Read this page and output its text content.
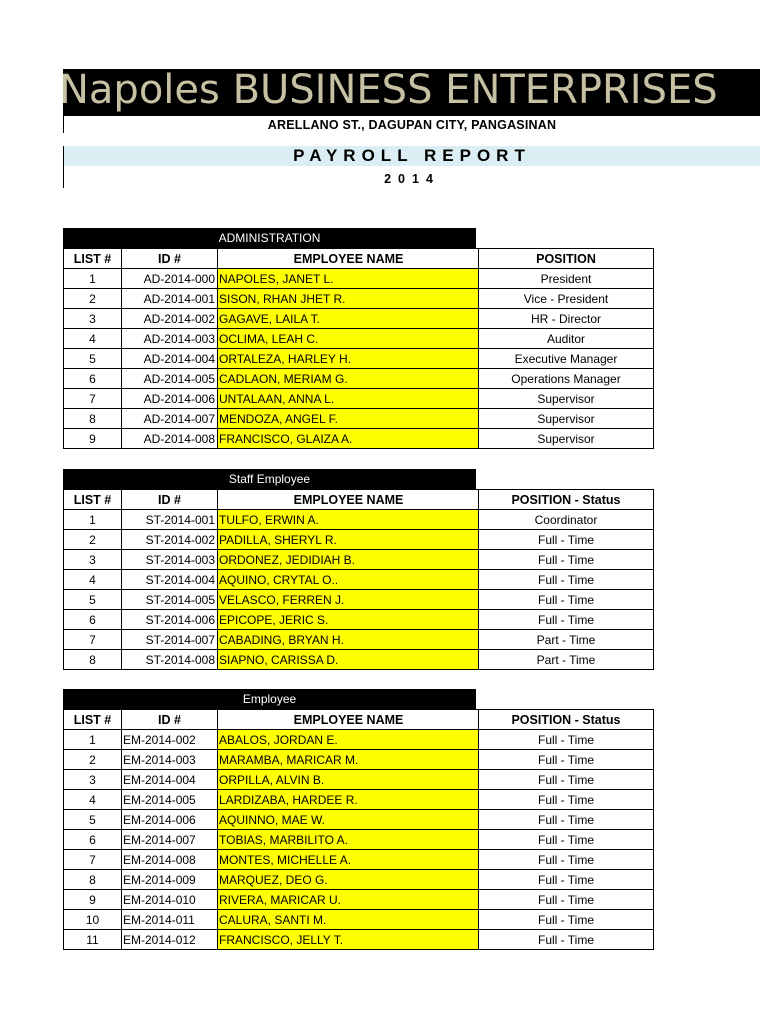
Napoles BUSINESS ENTERPRISES
ARELLANO ST., DAGUPAN CITY, PANGASINAN
PAYROLL REPORT
2014
ADMINISTRATION
LIST #	ID #	EMPLOYEE NAME	POSITION
1	AD-2014-000	NAPOLES, JANET L.	President
2	AD-2014-001	SISON, RHAN JHET R.	Vice - President
3	AD-2014-002	GAGAVE, LAILA T.	HR - Director
4	AD-2014-003	OCLIMA, LEAH C.	Auditor
5	AD-2014-004	ORTALEZA, HARLEY H.	Executive Manager
6	AD-2014-005	CADLAON, MERIAM G.	Operations Manager
7	AD-2014-006	UNTALAAN, ANNA L.	Supervisor
8	AD-2014-007	MENDOZA, ANGEL F.	Supervisor
9	AD-2014-008	FRANCISCO, GLAIZA A.	Supervisor
Staff Employee
LIST #	ID #	EMPLOYEE NAME	POSITION - Status
1	ST-2014-001	TULFO, ERWIN A.	Coordinator
2	ST-2014-002	PADILLA, SHERYL R.	Full - Time
3	ST-2014-003	ORDONEZ, JEDIDIAH B.	Full - Time
4	ST-2014-004	AQUINO, CRYTAL O..	Full - Time
5	ST-2014-005	VELASCO, FERREN J.	Full - Time
6	ST-2014-006	EPICOPE, JERIC S.	Full - Time
7	ST-2014-007	CABADING, BRYAN H.	Part - Time
8	ST-2014-008	SIAPNO, CARISSA D.	Part - Time
Employee
LIST #	ID #	EMPLOYEE NAME	POSITION - Status
1	EM-2014-002	ABALOS, JORDAN E.	Full - Time
2	EM-2014-003	MARAMBA, MARICAR M.	Full - Time
3	EM-2014-004	ORPILLA, ALVIN B.	Full - Time
4	EM-2014-005	LARDIZABA, HARDEE R.	Full - Time
5	EM-2014-006	AQUINNO, MAE W.	Full - Time
6	EM-2014-007	TOBIAS, MARBILITO A.	Full - Time
7	EM-2014-008	MONTES, MICHELLE A.	Full - Time
8	EM-2014-009	MARQUEZ, DEO G.	Full - Time
9	EM-2014-010	RIVERA, MARICAR U.	Full - Time
10	EM-2014-011	CALURA, SANTI M.	Full - Time
11	EM-2014-012	FRANCISCO, JELLY T.	Full - Time
